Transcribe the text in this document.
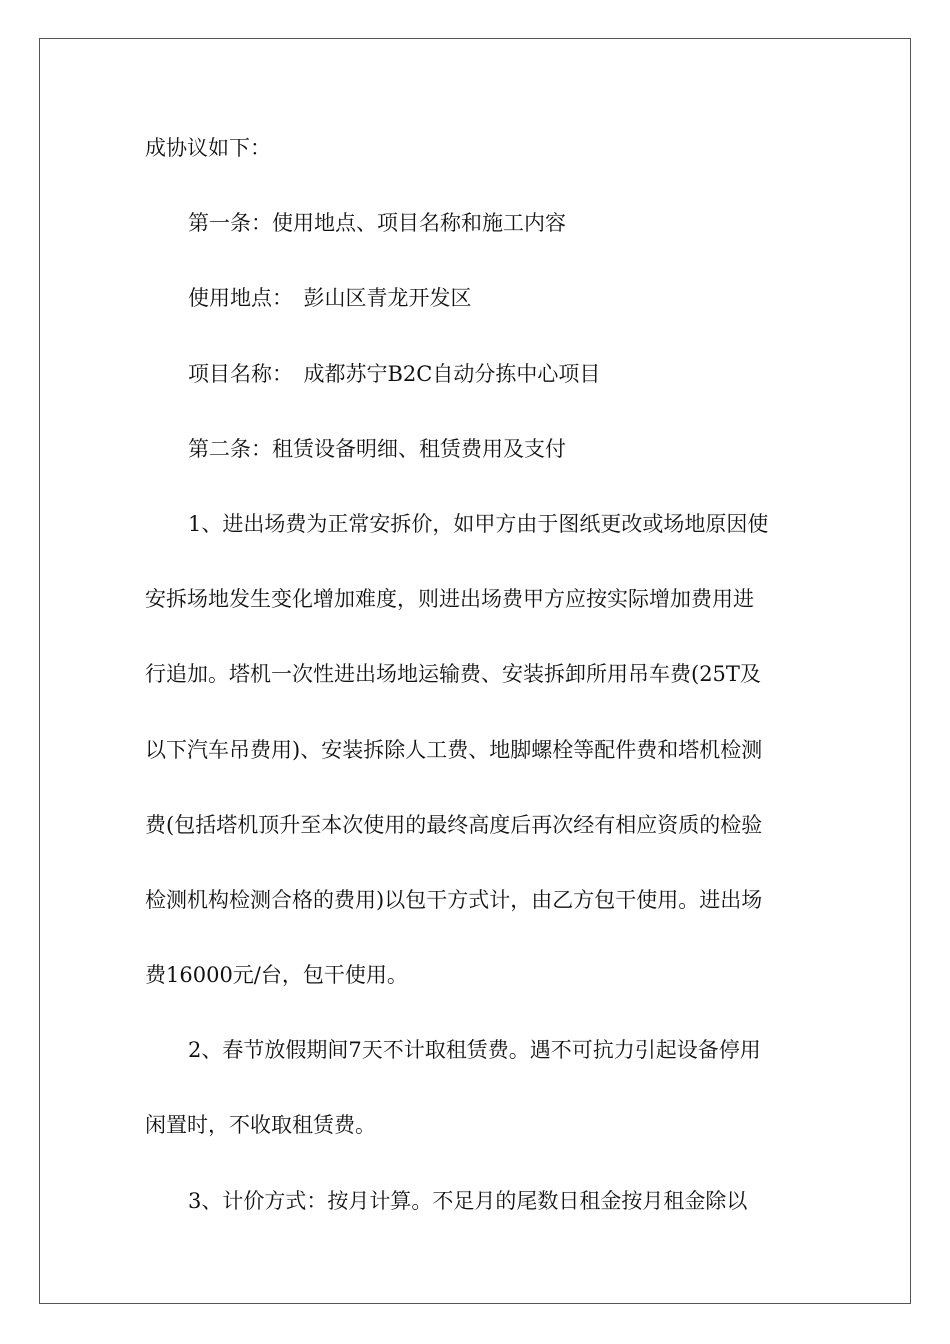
成协议如下：

第一条：使用地点、项目名称和施工内容

使用地点：　彭山区青龙开发区

项目名称：　成都苏宁B2C自动分拣中心项目

第二条：租赁设备明细、租赁费用及支付

1、进出场费为正常安拆价，如甲方由于图纸更改或场地原因使

安拆场地发生变化增加难度，则进出场费甲方应按实际增加费用进

行追加。塔机一次性进出场地运输费、安装拆卸所用吊车费(25T及

以下汽车吊费用)、安装拆除人工费、地脚螺栓等配件费和塔机检测

费(包括塔机顶升至本次使用的最终高度后再次经有相应资质的检验

检测机构检测合格的费用)以包干方式计，由乙方包干使用。进出场

费16000元/台，包干使用。

2、春节放假期间7天不计取租赁费。遇不可抗力引起设备停用

闲置时，不收取租赁费。

3、计价方式：按月计算。不足月的尾数日租金按月租金除以
